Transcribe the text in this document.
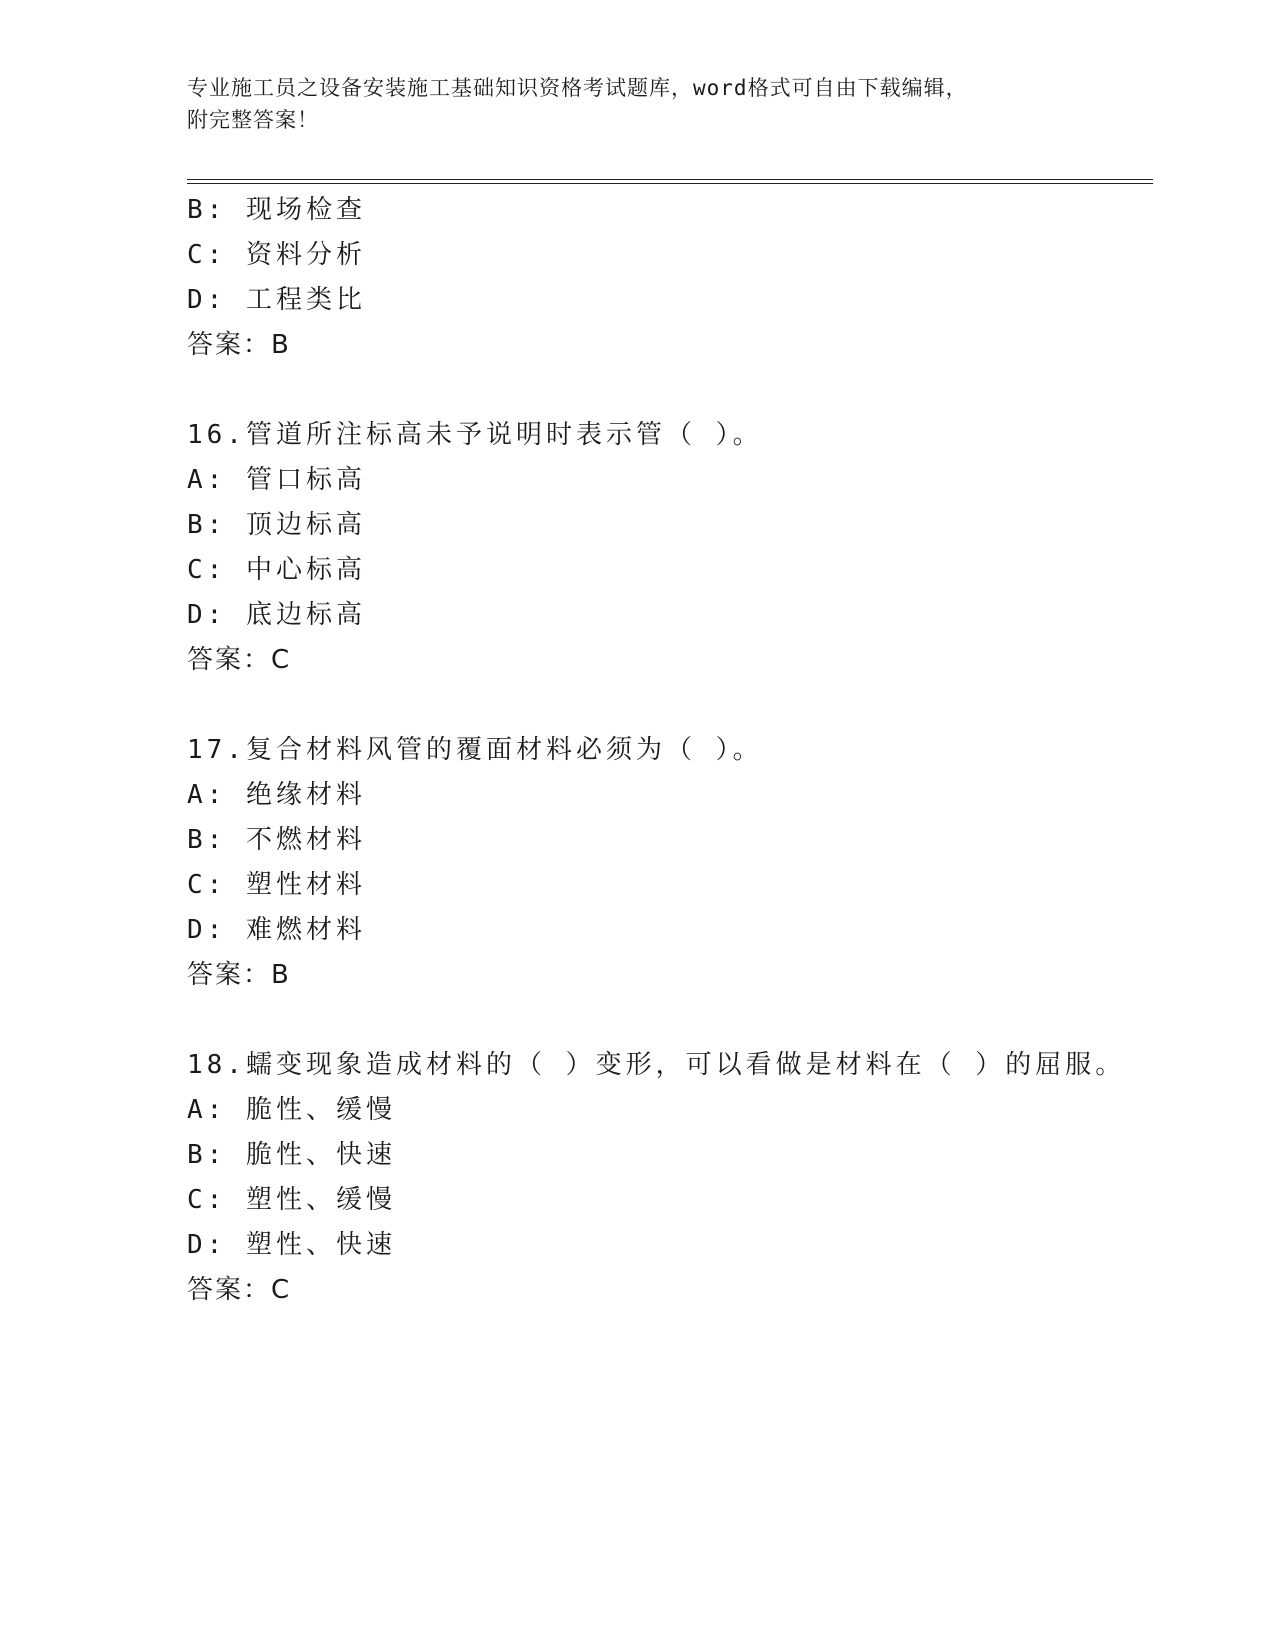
专业施工员之设备安装施工基础知识资格考试题库，word格式可自由下载编辑，
附完整答案！
B: 现场检查
C: 资料分析
D: 工程类比
答案：B
16.管道所注标高未予说明时表示管（ ）。
A: 管口标高
B: 顶边标高
C: 中心标高
D: 底边标高
答案：C
17.复合材料风管的覆面材料必须为（ ）。
A: 绝缘材料
B: 不燃材料
C: 塑性材料
D: 难燃材料
答案：B
18.蠕变现象造成材料的（ ）变形，可以看做是材料在（ ）的屈服。
A: 脆性、缓慢
B: 脆性、快速
C: 塑性、缓慢
D: 塑性、快速
答案：C
